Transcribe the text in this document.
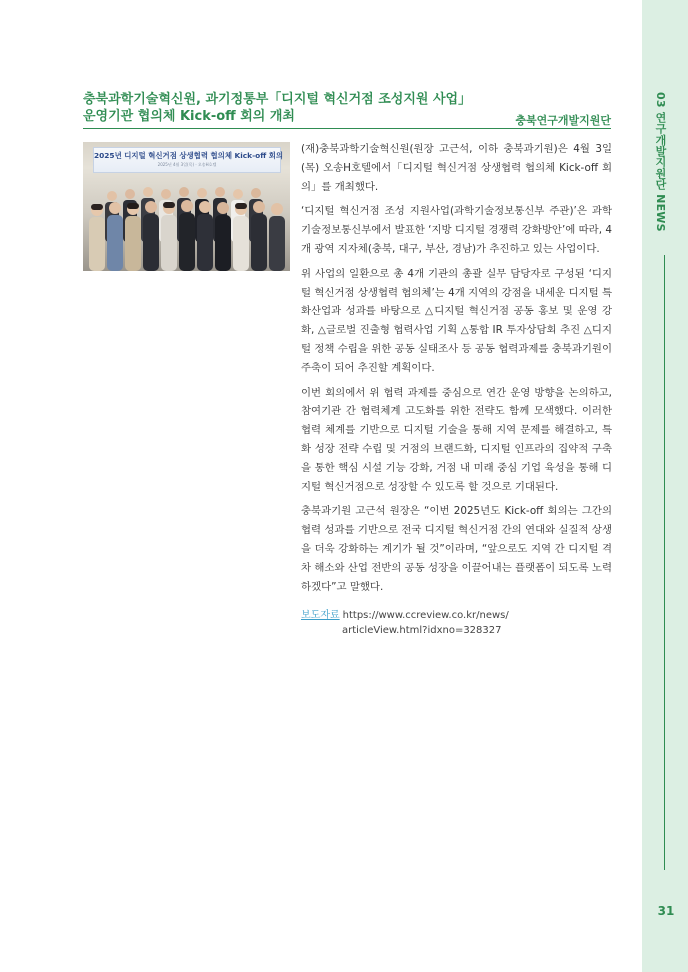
03 연구개발지원단 NEWS
31
충북과학기술혁신원, 과기정통부「디지털 혁신거점 조성지원 사업」
운영기관 협의체 Kick-off 회의 개최	충북연구개발지원단
2025년 디지털 혁신거점 상생협력 협의체 Kick-off 회의
2025년 4월 3일(목) · 오송H호텔

(재)충북과학기술혁신원(원장 고근석, 이하 충북과기원)은 4월 3일(목) 오송H호텔에서「디지털 혁신거점 상생협력 협의체 Kick-off 회의」를 개최했다.

‘디지털 혁신거점 조성 지원사업(과학기술정보통신부 주관)’은 과학기술정보통신부에서 발표한 ‘지방 디지털 경쟁력 강화방안’에 따라, 4개 광역 지자체(충북, 대구, 부산, 경남)가 추진하고 있는 사업이다.

위 사업의 일환으로 총 4개 기관의 총괄 실무 담당자로 구성된 ‘디지털 혁신거점 상생협력 협의체’는 4개 지역의 강점을 내세운 디지털 특화산업과 성과를 바탕으로 △디지털 혁신거점 공동 홍보 및 운영 강화, △글로벌 진출형 협력사업 기획 △통합 IR 투자상담회 추진 △디지털 정책 수립을 위한 공동 실태조사 등 공동 협력과제를 충북과기원이 주축이 되어 추진할 계획이다.

이번 회의에서 위 협력 과제를 중심으로 연간 운영 방향을 논의하고, 참여기관 간 협력체계 고도화를 위한 전략도 함께 모색했다. 이러한 협력 체계를 기반으로 디지털 기술을 통해 지역 문제를 해결하고, 특화 성장 전략 수립 및 거점의 브랜드화, 디지털 인프라의 집약적 구축을 통한 핵심 시설 기능 강화, 거점 내 미래 중심 기업 육성을 통해 디지털 혁신거점으로 성장할 수 있도록 할 것으로 기대된다.

충북과기원 고근석 원장은 “이번 2025년도 Kick-off 회의는 그간의 협력 성과를 기반으로 전국 디지털 혁신거점 간의 연대와 실질적 상생을 더욱 강화하는 계기가 될 것”이라며, “앞으로도 지역 간 디지털 격차 해소와 산업 전반의 공동 성장을 이끌어내는 플랫폼이 되도록 노력하겠다”고 말했다.

보도자료 https://www.ccreview.co.kr/news/
articleView.html?idxno=328327
